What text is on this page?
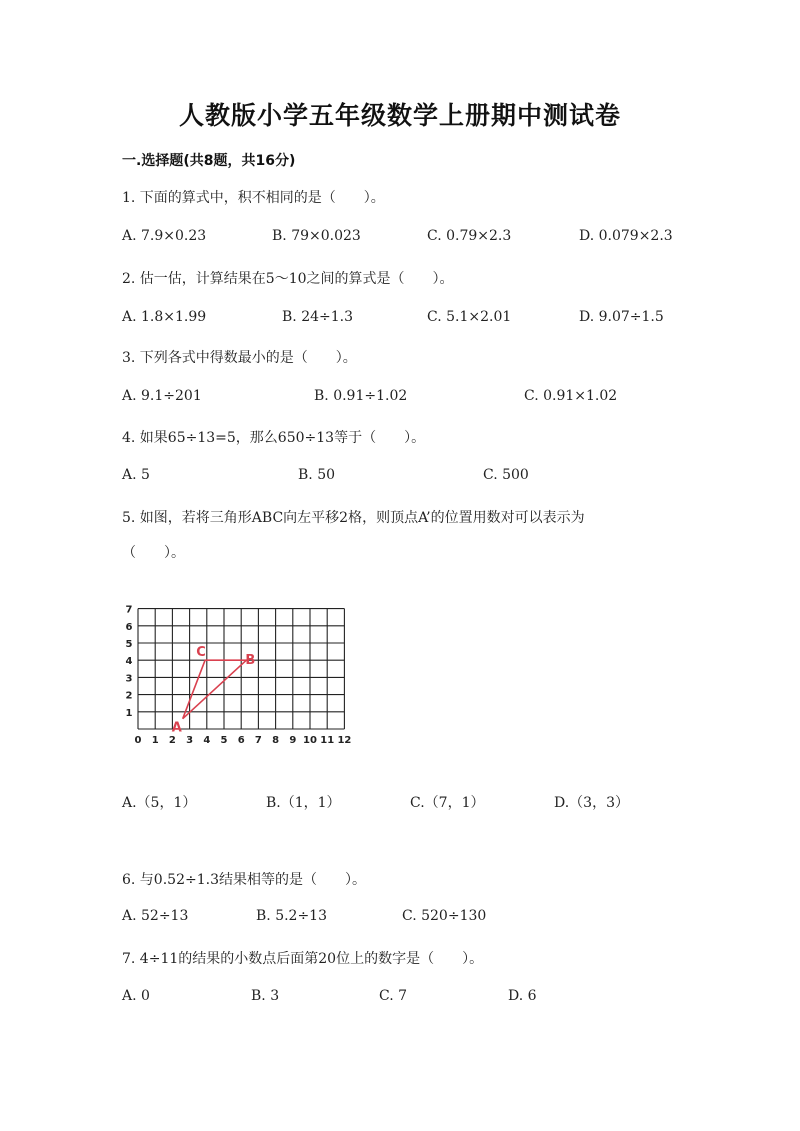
人教版小学五年级数学上册期中测试卷
一.选择题(共8题，共16分)
1. 下面的算式中，积不相同的是（　　）。
A. 7.9×0.23	B. 79×0.023	C. 0.79×2.3	D. 0.079×2.3
2. 估一估，计算结果在5～10之间的算式是（　　）。
A. 1.8×1.99	B. 24÷1.3	C. 5.1×2.01	D. 9.07÷1.5
3. 下列各式中得数最小的是（　　）。
A. 9.1÷201	B. 0.91÷1.02	C. 0.91×1.02
4. 如果65÷13=5，那么650÷13等于（　　）。
A. 5	B. 50	C. 500
5. 如图，若将三角形ABC向左平移2格，则顶点A’的位置用数对可以表示为
（　　）。
0 1 2 3 4 5 6 7 8 9 10 11 12
1
2
3
4
5
6
7
A
B
C
A.（5，1）	B.（1，1）	C.（7，1）	D.（3，3）
6. 与0.52÷1.3结果相等的是（　　）。
A. 52÷13	B. 5.2÷13	C. 520÷130
7. 4÷11的结果的小数点后面第20位上的数字是（　　）。
A. 0	B. 3	C. 7	D. 6
